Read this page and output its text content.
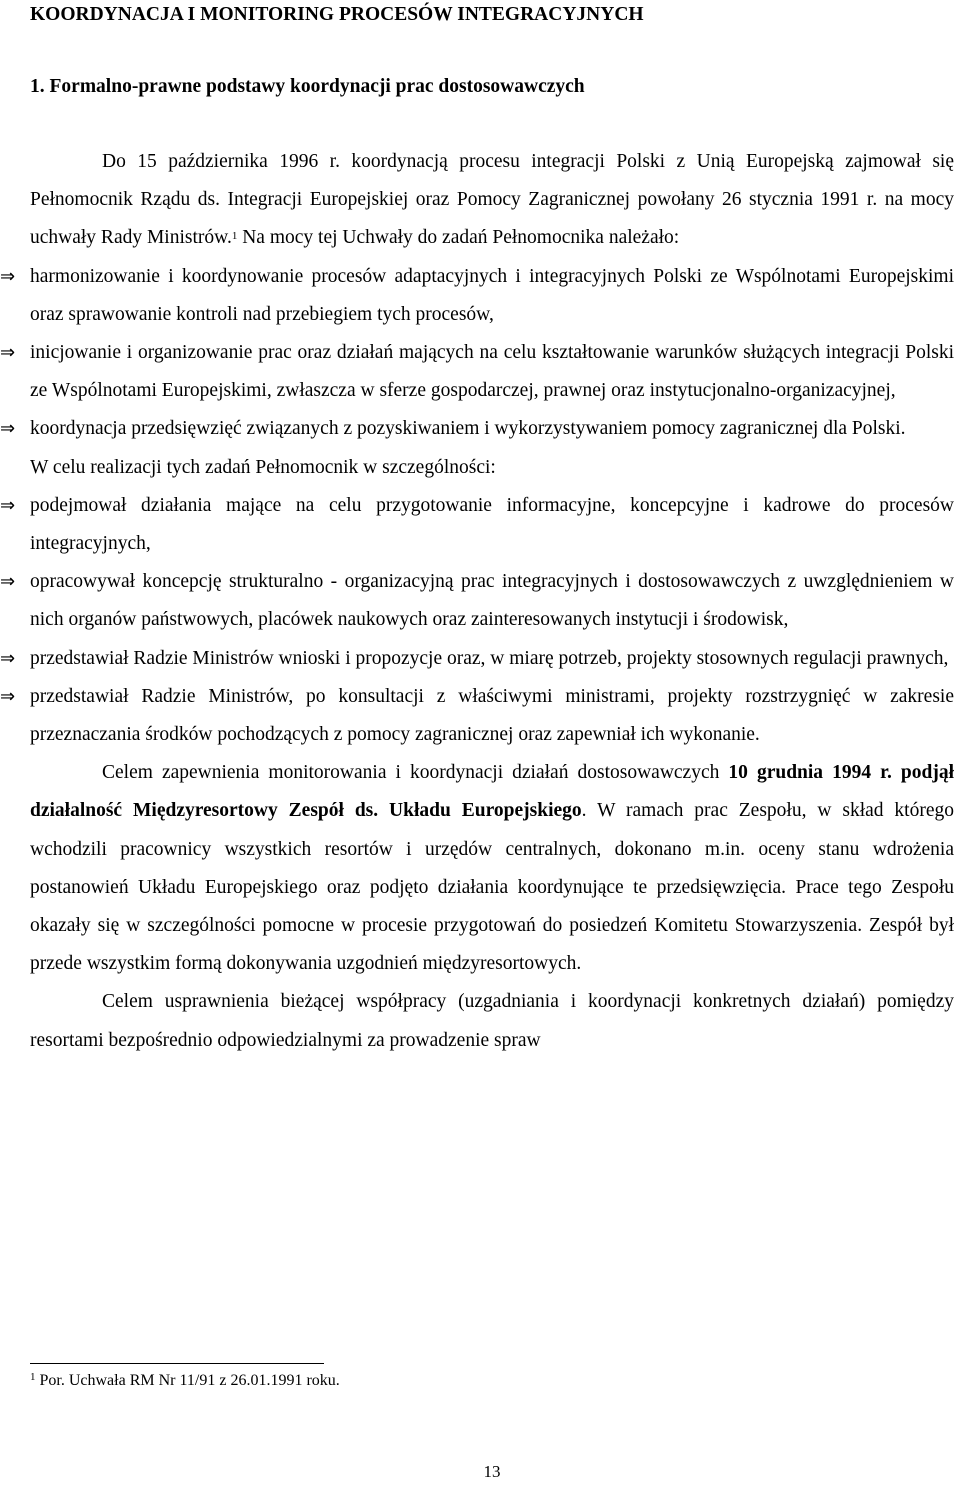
KOORDYNACJA I MONITORING PROCESÓW INTEGRACYJNYCH
1. Formalno-prawne podstawy koordynacji prac dostosowawczych

Do 15 października 1996 r. koordynacją procesu integracji Polski z Unią Europejską zajmował się Pełnomocnik Rządu ds. Integracji Europejskiej oraz Pomocy Zagranicznej powołany 26 stycznia 1991 r. na mocy uchwały Rady Ministrów.$^1$ Na mocy tej Uchwały do zadań Pełnomocnika należało:

⇒ harmonizowanie i koordynowanie procesów adaptacyjnych i integracyjnych Polski ze Wspólnotami Europejskimi oraz sprawowanie kontroli nad przebiegiem tych procesów,
⇒ inicjowanie i organizowanie prac oraz działań mających na celu kształtowanie warunków służących integracji Polski ze Wspólnotami Europejskimi, zwłaszcza w sferze gospodarczej, prawnej oraz instytucjonalno-organizacyjnej,
⇒ koordynacja przedsięwzięć związanych z pozyskiwaniem i wykorzystywaniem pomocy zagranicznej dla Polski.

W celu realizacji tych zadań Pełnomocnik w szczególności:

⇒ podejmował działania mające na celu przygotowanie informacyjne, koncepcyjne i kadrowe do procesów integracyjnych,
⇒ opracowywał koncepcję strukturalno - organizacyjną prac integracyjnych i dostosowawczych z uwzględnieniem w nich organów państwowych, placówek naukowych oraz zainteresowanych instytucji i środowisk,
⇒ przedstawiał Radzie Ministrów wnioski i propozycje oraz, w miarę potrzeb, projekty stosownych regulacji prawnych,
⇒ przedstawiał Radzie Ministrów, po konsultacji z właściwymi ministrami, projekty rozstrzygnięć w zakresie przeznaczania środków pochodzących z pomocy zagranicznej oraz zapewniał ich wykonanie.

Celem zapewnienia monitorowania i koordynacji działań dostosowawczych 10 grudnia 1994 r. podjął działalność Międzyresortowy Zespół ds. Układu Europejskiego. W ramach prac Zespołu, w skład którego wchodzili pracownicy wszystkich resortów i urzędów centralnych, dokonano m.in. oceny stanu wdrożenia postanowień Układu Europejskiego oraz podjęto działania koordynujące te przedsięwzięcia. Prace tego Zespołu okazały się w szczególności pomocne w procesie przygotowań do posiedzeń Komitetu Stowarzyszenia. Zespół był przede wszystkim formą dokonywania uzgodnień międzyresortowych.

Celem usprawnienia bieżącej współpracy (uzgadniania i koordynacji konkretnych działań) pomiędzy resortami bezpośrednio odpowiedzialnymi za prowadzenie spraw

$^1$ Por. Uchwała RM Nr 11/91 z 26.01.1991 roku.
13
